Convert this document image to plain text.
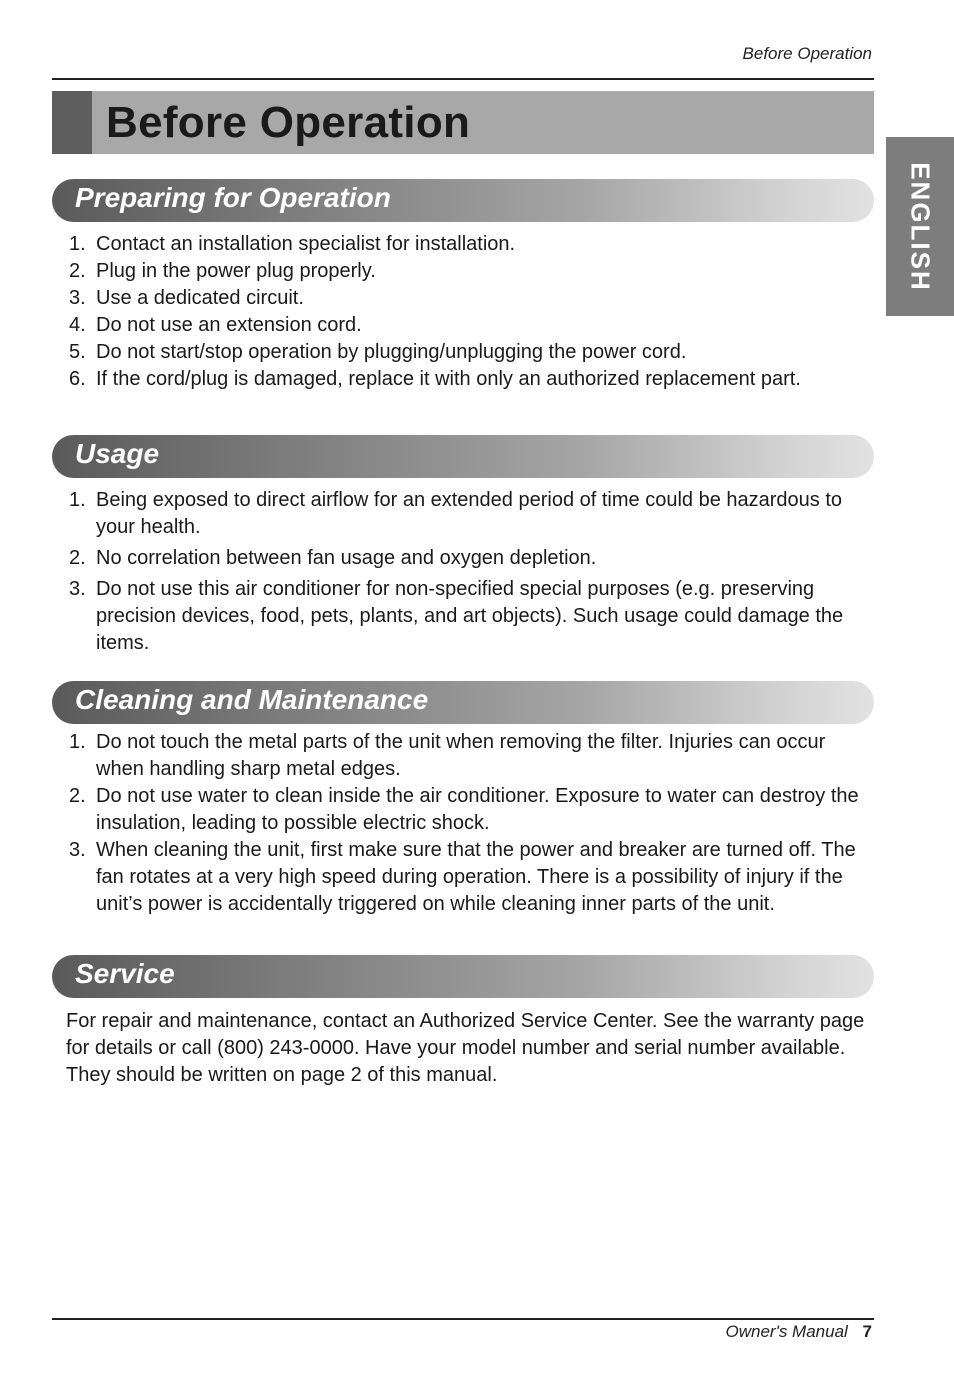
Before Operation
Before Operation
ENGLISH
Preparing for Operation
1. Contact an installation specialist for installation.
2. Plug in the power plug properly.
3. Use a dedicated circuit.
4. Do not use an extension cord.
5. Do not start/stop operation by plugging/unplugging the power cord.
6. If the cord/plug is damaged, replace it with only an authorized replacement part.
Usage
1. Being exposed to direct airflow for an extended period of time could be hazardous to your health.
2. No correlation between fan usage and oxygen depletion.
3. Do not use this air conditioner for non-specified special purposes (e.g. preserving precision devices, food, pets, plants, and art objects). Such usage could damage the items.
Cleaning and Maintenance
1. Do not touch the metal parts of the unit when removing the filter. Injuries can occur when handling sharp metal edges.
2. Do not use water to clean inside the air conditioner. Exposure to water can destroy the insulation, leading to possible electric shock.
3. When cleaning the unit, first make sure that the power and breaker are turned off. The fan rotates at a very high speed during operation. There is a possibility of injury if the unit’s power is accidentally triggered on while cleaning inner parts of the unit.
Service

For repair and maintenance, contact an Authorized Service Center. See the warranty page for details or call (800) 243-0000. Have your model number and serial number available. They should be written on page 2 of this manual.

Owner's Manual 7
